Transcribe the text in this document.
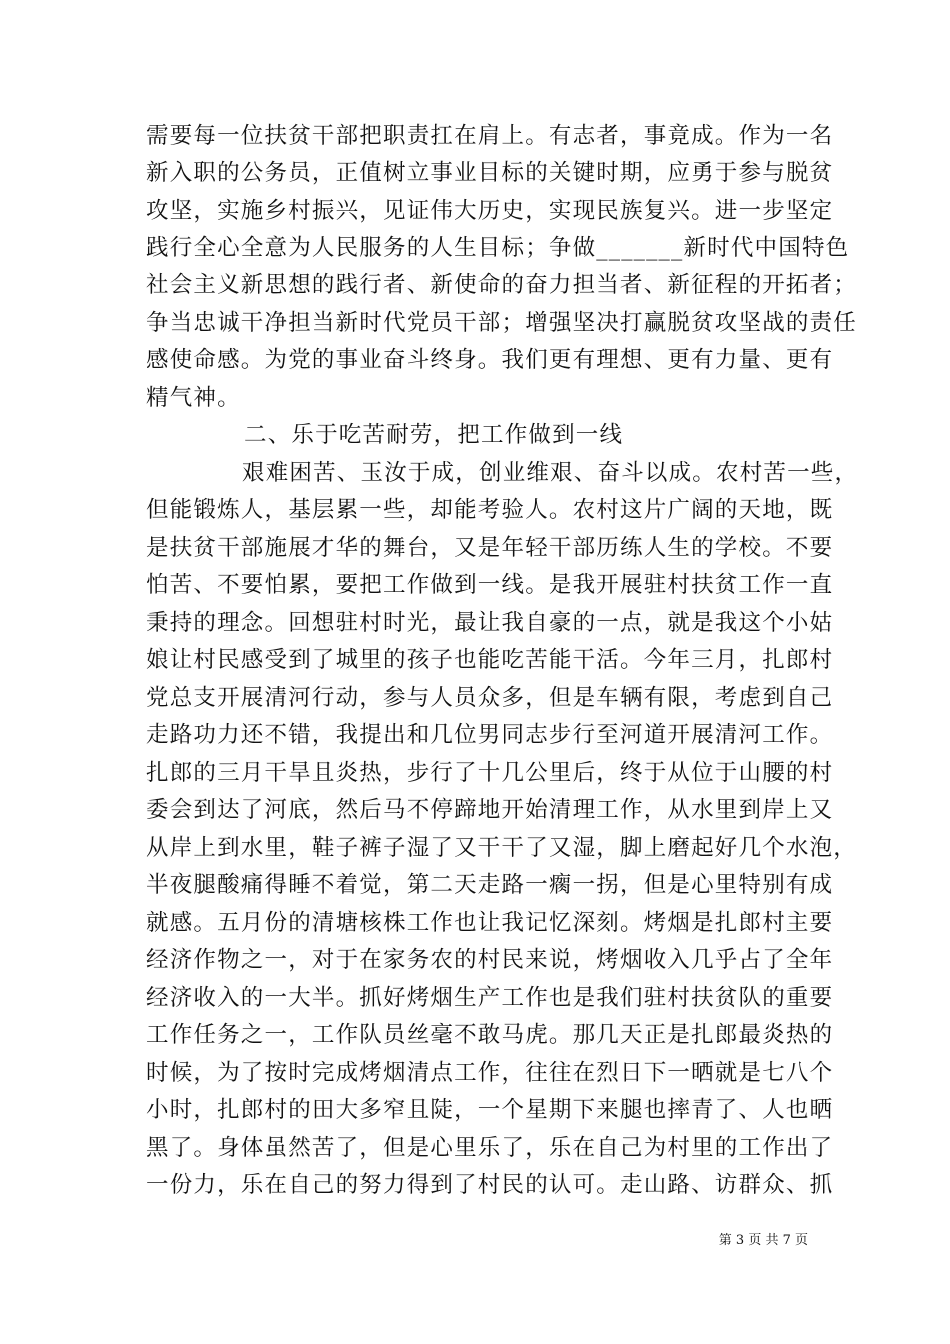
需要每一位扶贫干部把职责扛在肩上。有志者，事竟成。作为一名
新入职的公务员，正值树立事业目标的关键时期，应勇于参与脱贫
攻坚，实施乡村振兴，见证伟大历史，实现民族复兴。进一步坚定
践行全心全意为人民服务的人生目标；争做_______新时代中国特色
社会主义新思想的践行者、新使命的奋力担当者、新征程的开拓者；
争当忠诚干净担当新时代党员干部；增强坚决打赢脱贫攻坚战的责任
感使命感。为党的事业奋斗终身。我们更有理想、更有力量、更有
精气神。
二、乐于吃苦耐劳，把工作做到一线
艰难困苦、玉汝于成，创业维艰、奋斗以成。农村苦一些，
但能锻炼人，基层累一些，却能考验人。农村这片广阔的天地，既
是扶贫干部施展才华的舞台，又是年轻干部历练人生的学校。不要
怕苦、不要怕累，要把工作做到一线。是我开展驻村扶贫工作一直
秉持的理念。回想驻村时光，最让我自豪的一点，就是我这个小姑
娘让村民感受到了城里的孩子也能吃苦能干活。今年三月，扎郎村
党总支开展清河行动，参与人员众多，但是车辆有限，考虑到自己
走路功力还不错，我提出和几位男同志步行至河道开展清河工作。
扎郎的三月干旱且炎热，步行了十几公里后，终于从位于山腰的村
委会到达了河底，然后马不停蹄地开始清理工作，从水里到岸上又
从岸上到水里，鞋子裤子湿了又干干了又湿，脚上磨起好几个水泡，
半夜腿酸痛得睡不着觉，第二天走路一瘸一拐，但是心里特别有成
就感。五月份的清塘核株工作也让我记忆深刻。烤烟是扎郎村主要
经济作物之一，对于在家务农的村民来说，烤烟收入几乎占了全年
经济收入的一大半。抓好烤烟生产工作也是我们驻村扶贫队的重要
工作任务之一，工作队员丝毫不敢马虎。那几天正是扎郎最炎热的
时候，为了按时完成烤烟清点工作，往往在烈日下一晒就是七八个
小时，扎郎村的田大多窄且陡，一个星期下来腿也摔青了、人也晒
黑了。身体虽然苦了，但是心里乐了，乐在自己为村里的工作出了
一份力，乐在自己的努力得到了村民的认可。走山路、访群众、抓
第 3 页 共 7 页
